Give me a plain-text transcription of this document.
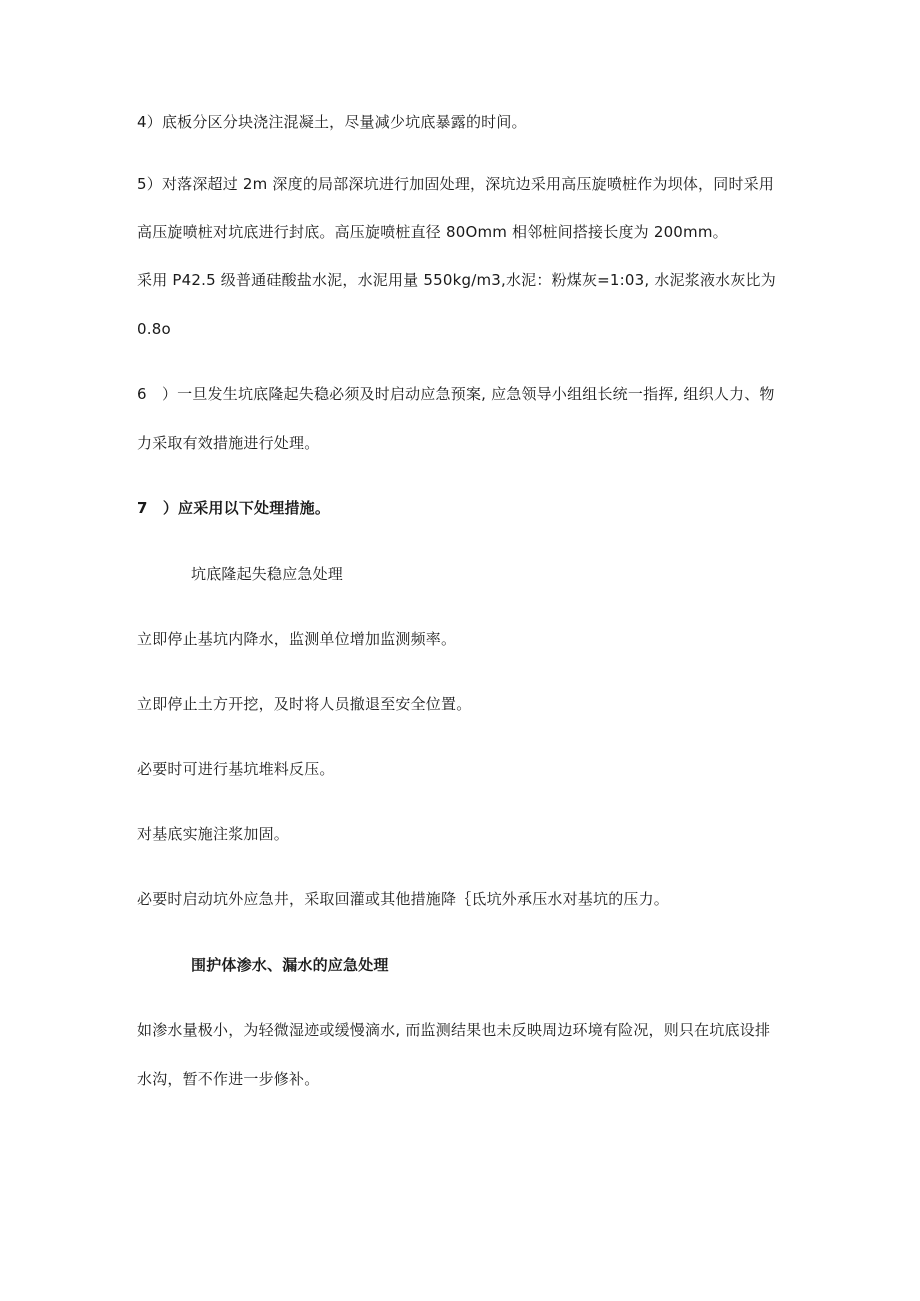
4）底板分区分块浇注混凝土，尽量减少坑底暴露的时间。
5）对落深超过 2m 深度的局部深坑进行加固处理，深坑边采用高压旋喷桩作为坝体，同时采用
高压旋喷桩对坑底进行封底。高压旋喷桩直径 80Omm 相邻桩间搭接长度为 200mm。
采用 P42.5 级普通硅酸盐水泥，水泥用量 550kg∕m3,水泥：粉煤灰=1:03, 水泥浆液水灰比为
0.8o
6　）一旦发生坑底隆起失稳必须及时启动应急预案, 应急领导小组组长统一指挥, 组织人力、物
力采取有效措施进行处理。
7　）应采用以下处理措施。
坑底隆起失稳应急处理
立即停止基坑内降水，监测单位增加监测频率。
立即停止土方开挖，及时将人员撤退至安全位置。
必要时可进行基坑堆料反压。
对基底实施注浆加固。
必要时启动坑外应急井，采取回灌或其他措施降｛氐坑外承压水对基坑的压力。
围护体渗水、漏水的应急处理
如渗水量极小，为轻微湿迹或缓慢滴水, 而监测结果也未反映周边环境有险况，则只在坑底设排
水沟，暂不作进一步修补。
